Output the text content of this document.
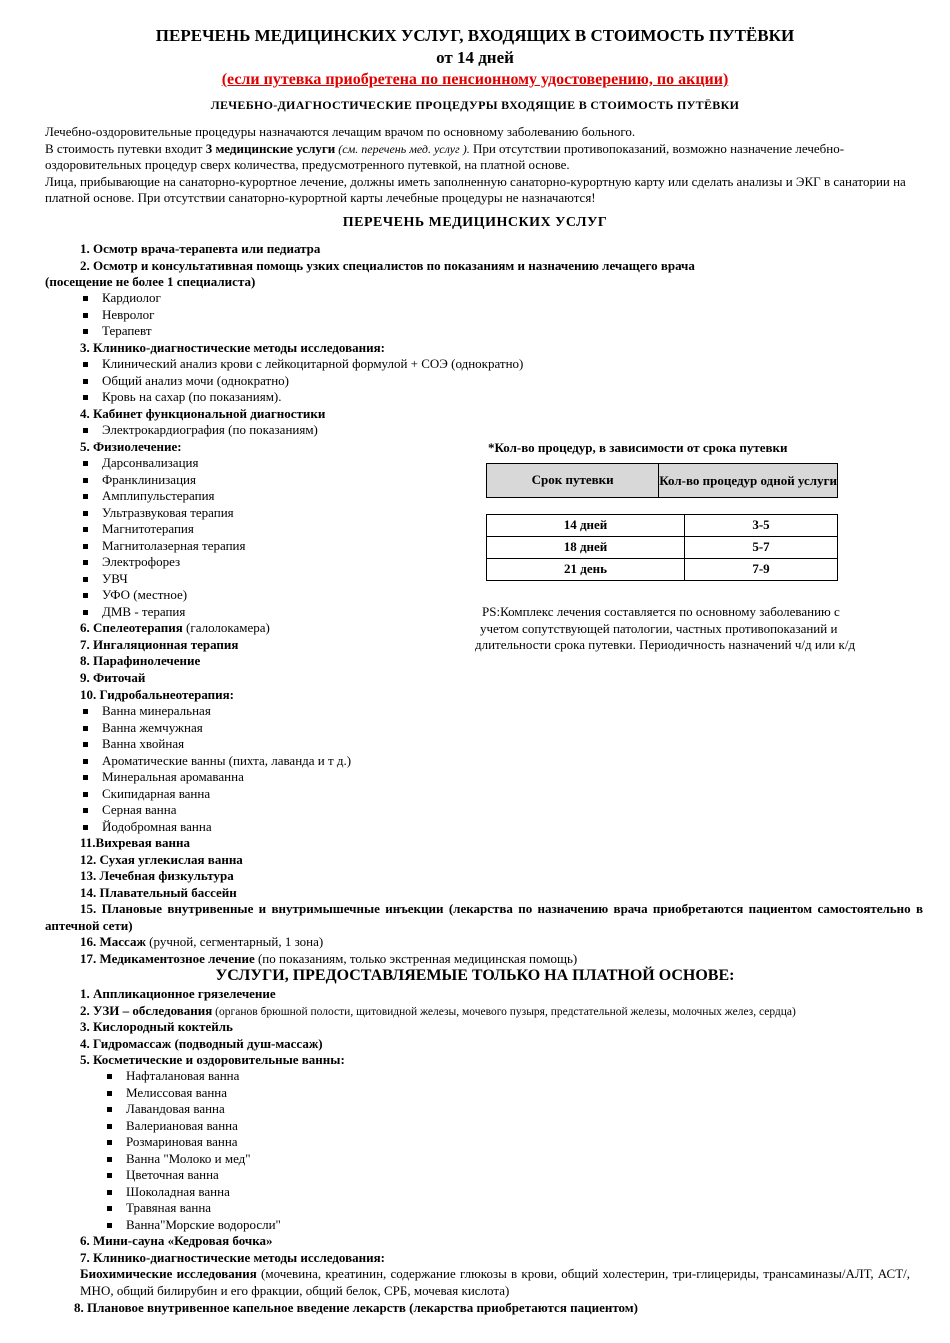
ПЕРЕЧЕНЬ МЕДИЦИНСКИХ УСЛУГ, ВХОДЯЩИХ В СТОИМОСТЬ ПУТЁВКИ
от 14 дней
(если путевка приобретена по пенсионному удостоверению, по акции)
ЛЕЧЕБНО-ДИАГНОСТИЧЕСКИЕ ПРОЦЕДУРЫ ВХОДЯЩИЕ В СТОИМОСТЬ ПУТЁВКИ

Лечебно-оздоровительные процедуры назначаются лечащим врачом по основному заболеванию больного.

В стоимость путевки входит 3 медицинские услуги (см. перечень мед. услуг ). При отсутствии противопоказаний, возможно назначение лечебно- оздоровительных процедур сверх количества, предусмотренного путевкой, на платной основе.

Лица, прибывающие на санаторно-курортное лечение, должны иметь заполненную санаторно-курортную карту или сделать анализы и ЭКГ в санатории на платной основе. При отсутствии санаторно-курортной карты лечебные процедуры не назначаются!

ПЕРЕЧЕНЬ МЕДИЦИНСКИХ УСЛУГ
1. Осмотр врача-терапевта или педиатра
2. Осмотр и консультативная помощь узких специалистов по показаниям и назначению лечащего врача
(посещение не более 1 специалиста)
Кардиолог
Невролог
Терапевт
3. Клинико-диагностические методы исследования:
Клинический анализ крови с лейкоцитарной формулой + СОЭ (однократно)
Общий анализ мочи (однократно)
Кровь на сахар (по показаниям).
4. Кабинет функциональной диагностики
Электрокардиография (по показаниям)
5. Физиолечение:
Дарсонвализация
Франклинизация
Амплипульстерапия
Ультразвуковая терапия
Магнитотерапия
Магнитолазерная терапия
Электрофорез
УВЧ
УФО (местное)
ДМВ - терапия
6. Спелеотерапия (галолокамера)
7. Ингаляционная терапия
8. Парафинолечение
9. Фиточай
10. Гидробальнеотерапия:
Ванна минеральная
Ванна жемчужная
Ванна хвойная
Ароматические ванны (пихта, лаванда и т д.)
Минеральная аромаванна
Скипидарная ванна
Серная ванна
Йодобромная ванна
11.Вихревая ванна
12. Сухая углекислая ванна
13. Лечебная физкультура
14. Плавательный бассейн
15. Плановые внутривенные и внутримышечные инъекции (лекарства по назначению врача приобретаются пациентом самостоятельно в аптечной сети)
16. Массаж (ручной, сегментарный, 1 зона)
17. Медикаментозное лечение (по показаниям, только экстренная медицинская помощь)
*Кол-во процедур, в зависимости от срока путевки
Срок путевки	Кол-во процедур одной услуги
14 дней	3-5
18 дней	5-7
21 день	7-9
PS:Комплекс лечения составляется по основному заболеванию с
учетом сопутствующей патологии, частных противопоказаний и
длительности срока путевки. Периодичность назначений ч/д или к/д
УСЛУГИ, ПРЕДОСТАВЛЯЕМЫЕ ТОЛЬКО НА ПЛАТНОЙ ОСНОВЕ:
1. Аппликационное грязелечение
2. УЗИ – обследования (органов брюшной полости, щитовидной железы, мочевого пузыря, предстательной железы, молочных желез, сердца)
3. Кислородный коктейль
4. Гидромассаж (подводный душ-массаж)
5. Косметические и оздоровительные ванны:
Нафталановая ванна
Мелиссовая ванна
Лавандовая ванна
Валериановая ванна
Розмариновая ванна
Ванна "Молоко и мед"
Цветочная ванна
Шоколадная ванна
Травяная ванна
Ванна"Морские водоросли"
6. Мини-сауна «Кедровая бочка»
7. Клинико-диагностические методы исследования:
Биохимические исследования (мочевина, креатинин, содержание глюкозы в крови, общий холестерин, три-глицериды, трансаминазы/АЛТ, АСТ/, МНО, общий билирубин и его фракции, общий белок, СРБ, мочевая кислота)
8. Плановое внутривенное капельное введение лекарств (лекарства приобретаются пациентом)
